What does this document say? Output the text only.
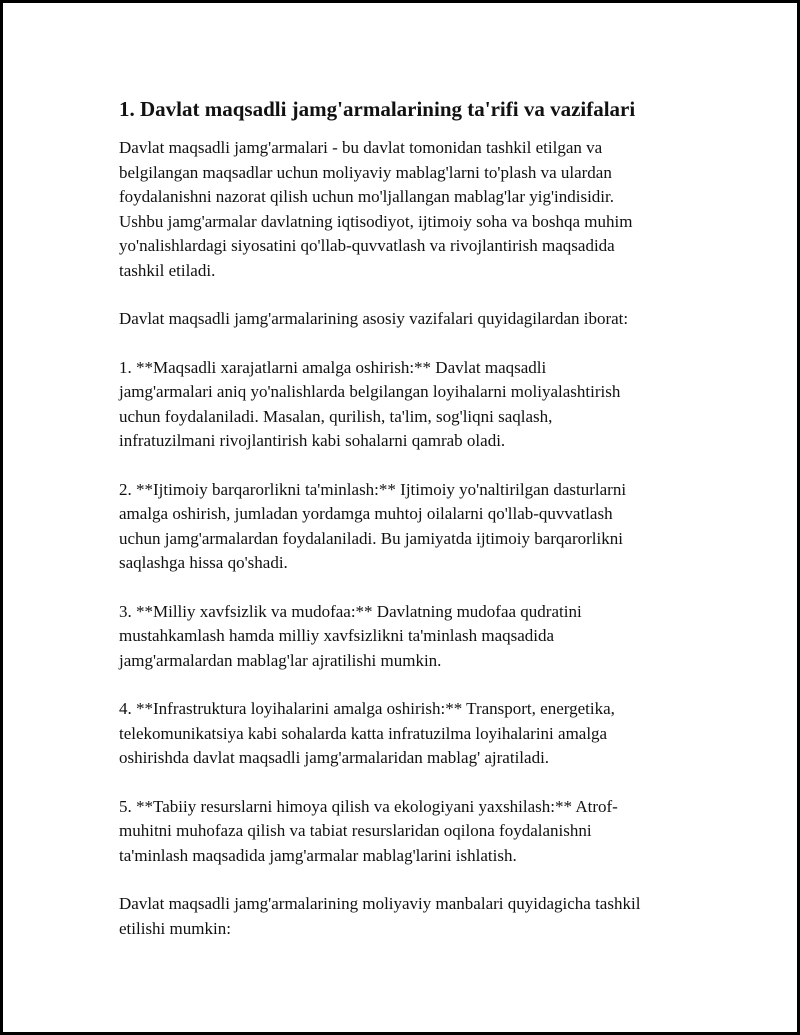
1. Davlat maqsadli jamg'armalarining ta'rifi va vazifalari

Davlat maqsadli jamg'armalari - bu davlat tomonidan tashkil etilgan va
belgilangan maqsadlar uchun moliyaviy mablag'larni to'plash va ulardan
foydalanishni nazorat qilish uchun mo'ljallangan mablag'lar yig'indisidir.
Ushbu jamg'armalar davlatning iqtisodiyot, ijtimoiy soha va boshqa muhim
yo'nalishlardagi siyosatini qo'llab-quvvatlash va rivojlantirish maqsadida
tashkil etiladi.

Davlat maqsadli jamg'armalarining asosiy vazifalari quyidagilardan iborat:

1. **Maqsadli xarajatlarni amalga oshirish:** Davlat maqsadli
jamg'armalari aniq yo'nalishlarda belgilangan loyihalarni moliyalashtirish
uchun foydalaniladi. Masalan, qurilish, ta'lim, sog'liqni saqlash,
infratuzilmani rivojlantirish kabi sohalarni qamrab oladi.

2. **Ijtimoiy barqarorlikni ta'minlash:** Ijtimoiy yo'naltirilgan dasturlarni
amalga oshirish, jumladan yordamga muhtoj oilalarni qo'llab-quvvatlash
uchun jamg'armalardan foydalaniladi. Bu jamiyatda ijtimoiy barqarorlikni
saqlashga hissa qo'shadi.

3. **Milliy xavfsizlik va mudofaa:** Davlatning mudofaa qudratini
mustahkamlash hamda milliy xavfsizlikni ta'minlash maqsadida
jamg'armalardan mablag'lar ajratilishi mumkin.

4. **Infrastruktura loyihalarini amalga oshirish:** Transport, energetika,
telekomunikatsiya kabi sohalarda katta infratuzilma loyihalarini amalga
oshirishda davlat maqsadli jamg'armalaridan mablag' ajratiladi.

5. **Tabiiy resurslarni himoya qilish va ekologiyani yaxshilash:** Atrof-
muhitni muhofaza qilish va tabiat resurslaridan oqilona foydalanishni
ta'minlash maqsadida jamg'armalar mablag'larini ishlatish.

Davlat maqsadli jamg'armalarining moliyaviy manbalari quyidagicha tashkil
etilishi mumkin:
